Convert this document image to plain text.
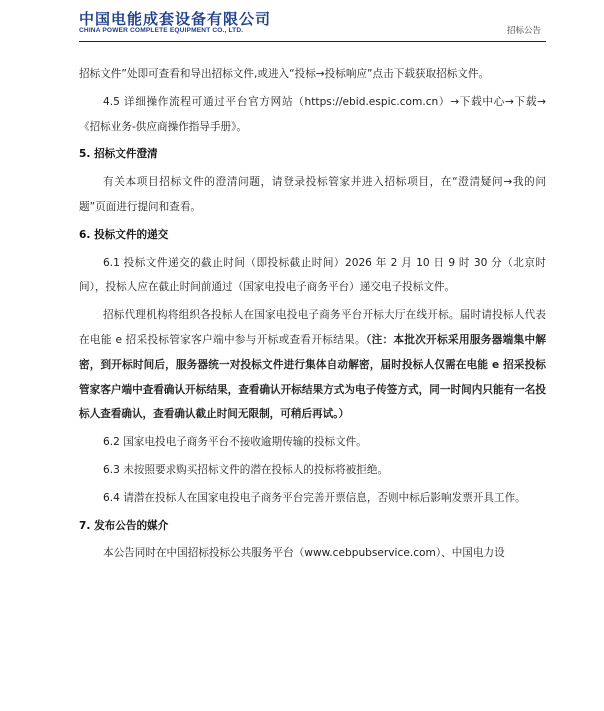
中国电能成套设备有限公司
CHINA POWER COMPLETE EQUIPMENT CO., LTD.	招标公告

招标文件”处即可查看和导出招标文件,或进入“投标→投标响应”点击下载获取招标文件。

4.5 详细操作流程可通过平台官方网站（https://ebid.espic.com.cn）→下载中心→下载→《招标业务-供应商操作指导手册》。

5. 招标文件澄清

有关本项目招标文件的澄清问题，请登录投标管家并进入招标项目，在“澄清疑问→我的问题”页面进行提问和查看。

6. 投标文件的递交

6.1 投标文件递交的截止时间（即投标截止时间）2026 年 2 月 10 日 9 时 30 分（北京时间），投标人应在截止时间前通过（国家电投电子商务平台）递交电子投标文件。

招标代理机构将组织各投标人在国家电投电子商务平台开标大厅在线开标。届时请投标人代表在电能 e 招采投标管家客户端中参与开标或查看开标结果。（注：本批次开标采用服务器端集中解密，到开标时间后，服务器统一对投标文件进行集体自动解密，届时投标人仅需在电能 e 招采投标管家客户端中查看确认开标结果，查看确认开标结果方式为电子传签方式，同一时间内只能有一名投标人查看确认，查看确认截止时间无限制，可稍后再试。）

6.2 国家电投电子商务平台不接收逾期传输的投标文件。

6.3 未按照要求购买招标文件的潜在投标人的投标将被拒绝。

6.4 请潜在投标人在国家电投电子商务平台完善开票信息，否则中标后影响发票开具工作。

7. 发布公告的媒介

本公告同时在中国招标投标公共服务平台（www.cebpubservice.com）、中国电力设
